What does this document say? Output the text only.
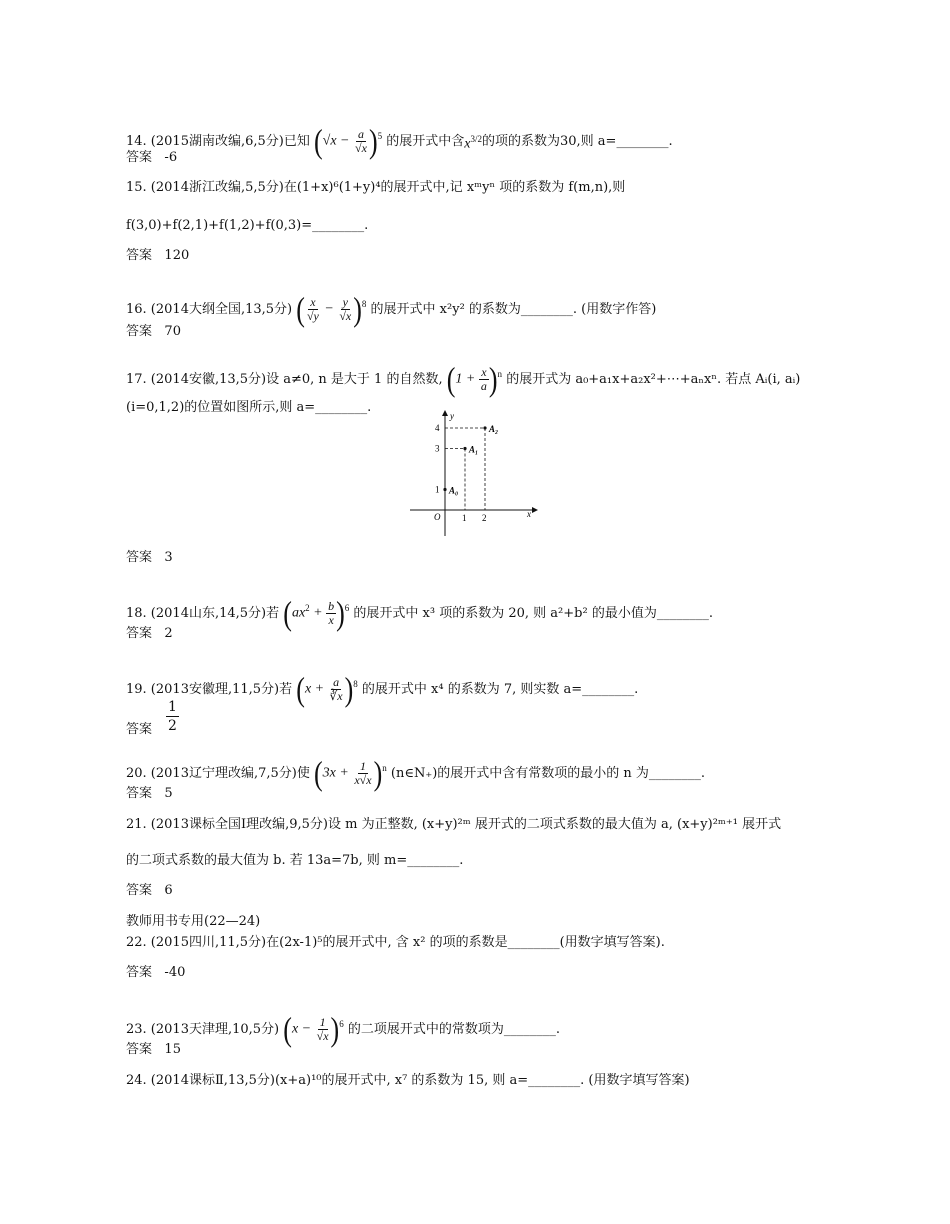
14. (2015湖南改编,6,5分)已知 $(√x - \frac{a}{√x} )^5$ 的展开式中含$x^{3/2}$的项的系数为30,则 a=________.
答案 -6
15. (2014浙江改编,5,5分)在(1+x)⁶(1+y)⁴的展开式中,记 xᵐyⁿ 项的系数为 f(m,n),则
f(3,0)+f(2,1)+f(1,2)+f(0,3)=________.
答案 120
16. (2014大纲全国,13,5分) ( $\frac{x}{√y} - \frac{y}{√x} )^8$ 的展开式中 x²y² 的系数为________. (用数字作答)
答案 70
17. (2014安徽,13,5分)设 a≠0, n 是大于 1 的自然数, $(1 + \frac{x}{a} )^n$ 的展开式为 a₀+a₁x+a₂x²+⋯+aₙxⁿ. 若点 Aᵢ(i, aᵢ)
(i=0,1,2)的位置如图所示,则 a=________.
y
x
O
1
3
4
1 2
A₀
A₁
A₂
答案 3
18. (2014山东,14,5分)若 $(ax^2 + \frac{b}{x} )^6$ 的展开式中 x³ 项的系数为 20, 则 a²+b² 的最小值为________.
答案 2
19. (2013安徽理,11,5分)若 $(x + \frac{a}{∛x} )^8$ 的展开式中 x⁴ 的系数为 7, 则实数 a=________.
答案 $\frac{1}{2}$
20. (2013辽宁理改编,7,5分)使 $(3x + \frac{1}{x√x} )^n$ (n∈N₊)的展开式中含有常数项的最小的 n 为________.
答案 5
21. (2013课标全国Ⅰ理改编,9,5分)设 m 为正整数, (x+y)²ᵐ 展开式的二项式系数的最大值为 a, (x+y)²ᵐ⁺¹ 展开式
的二项式系数的最大值为 b. 若 13a=7b, 则 m=________.
答案 6
教师用书专用(22—24)
22. (2015四川,11,5分)在(2x-1)⁵的展开式中, 含 x² 的项的系数是________(用数字填写答案).
答案 -40
23. (2013天津理,10,5分) $(x - \frac{1}{√x} )^6$ 的二项展开式中的常数项为________.
答案 15
24. (2014课标Ⅱ,13,5分)(x+a)¹⁰的展开式中, x⁷ 的系数为 15, 则 a=________. (用数字填写答案)
